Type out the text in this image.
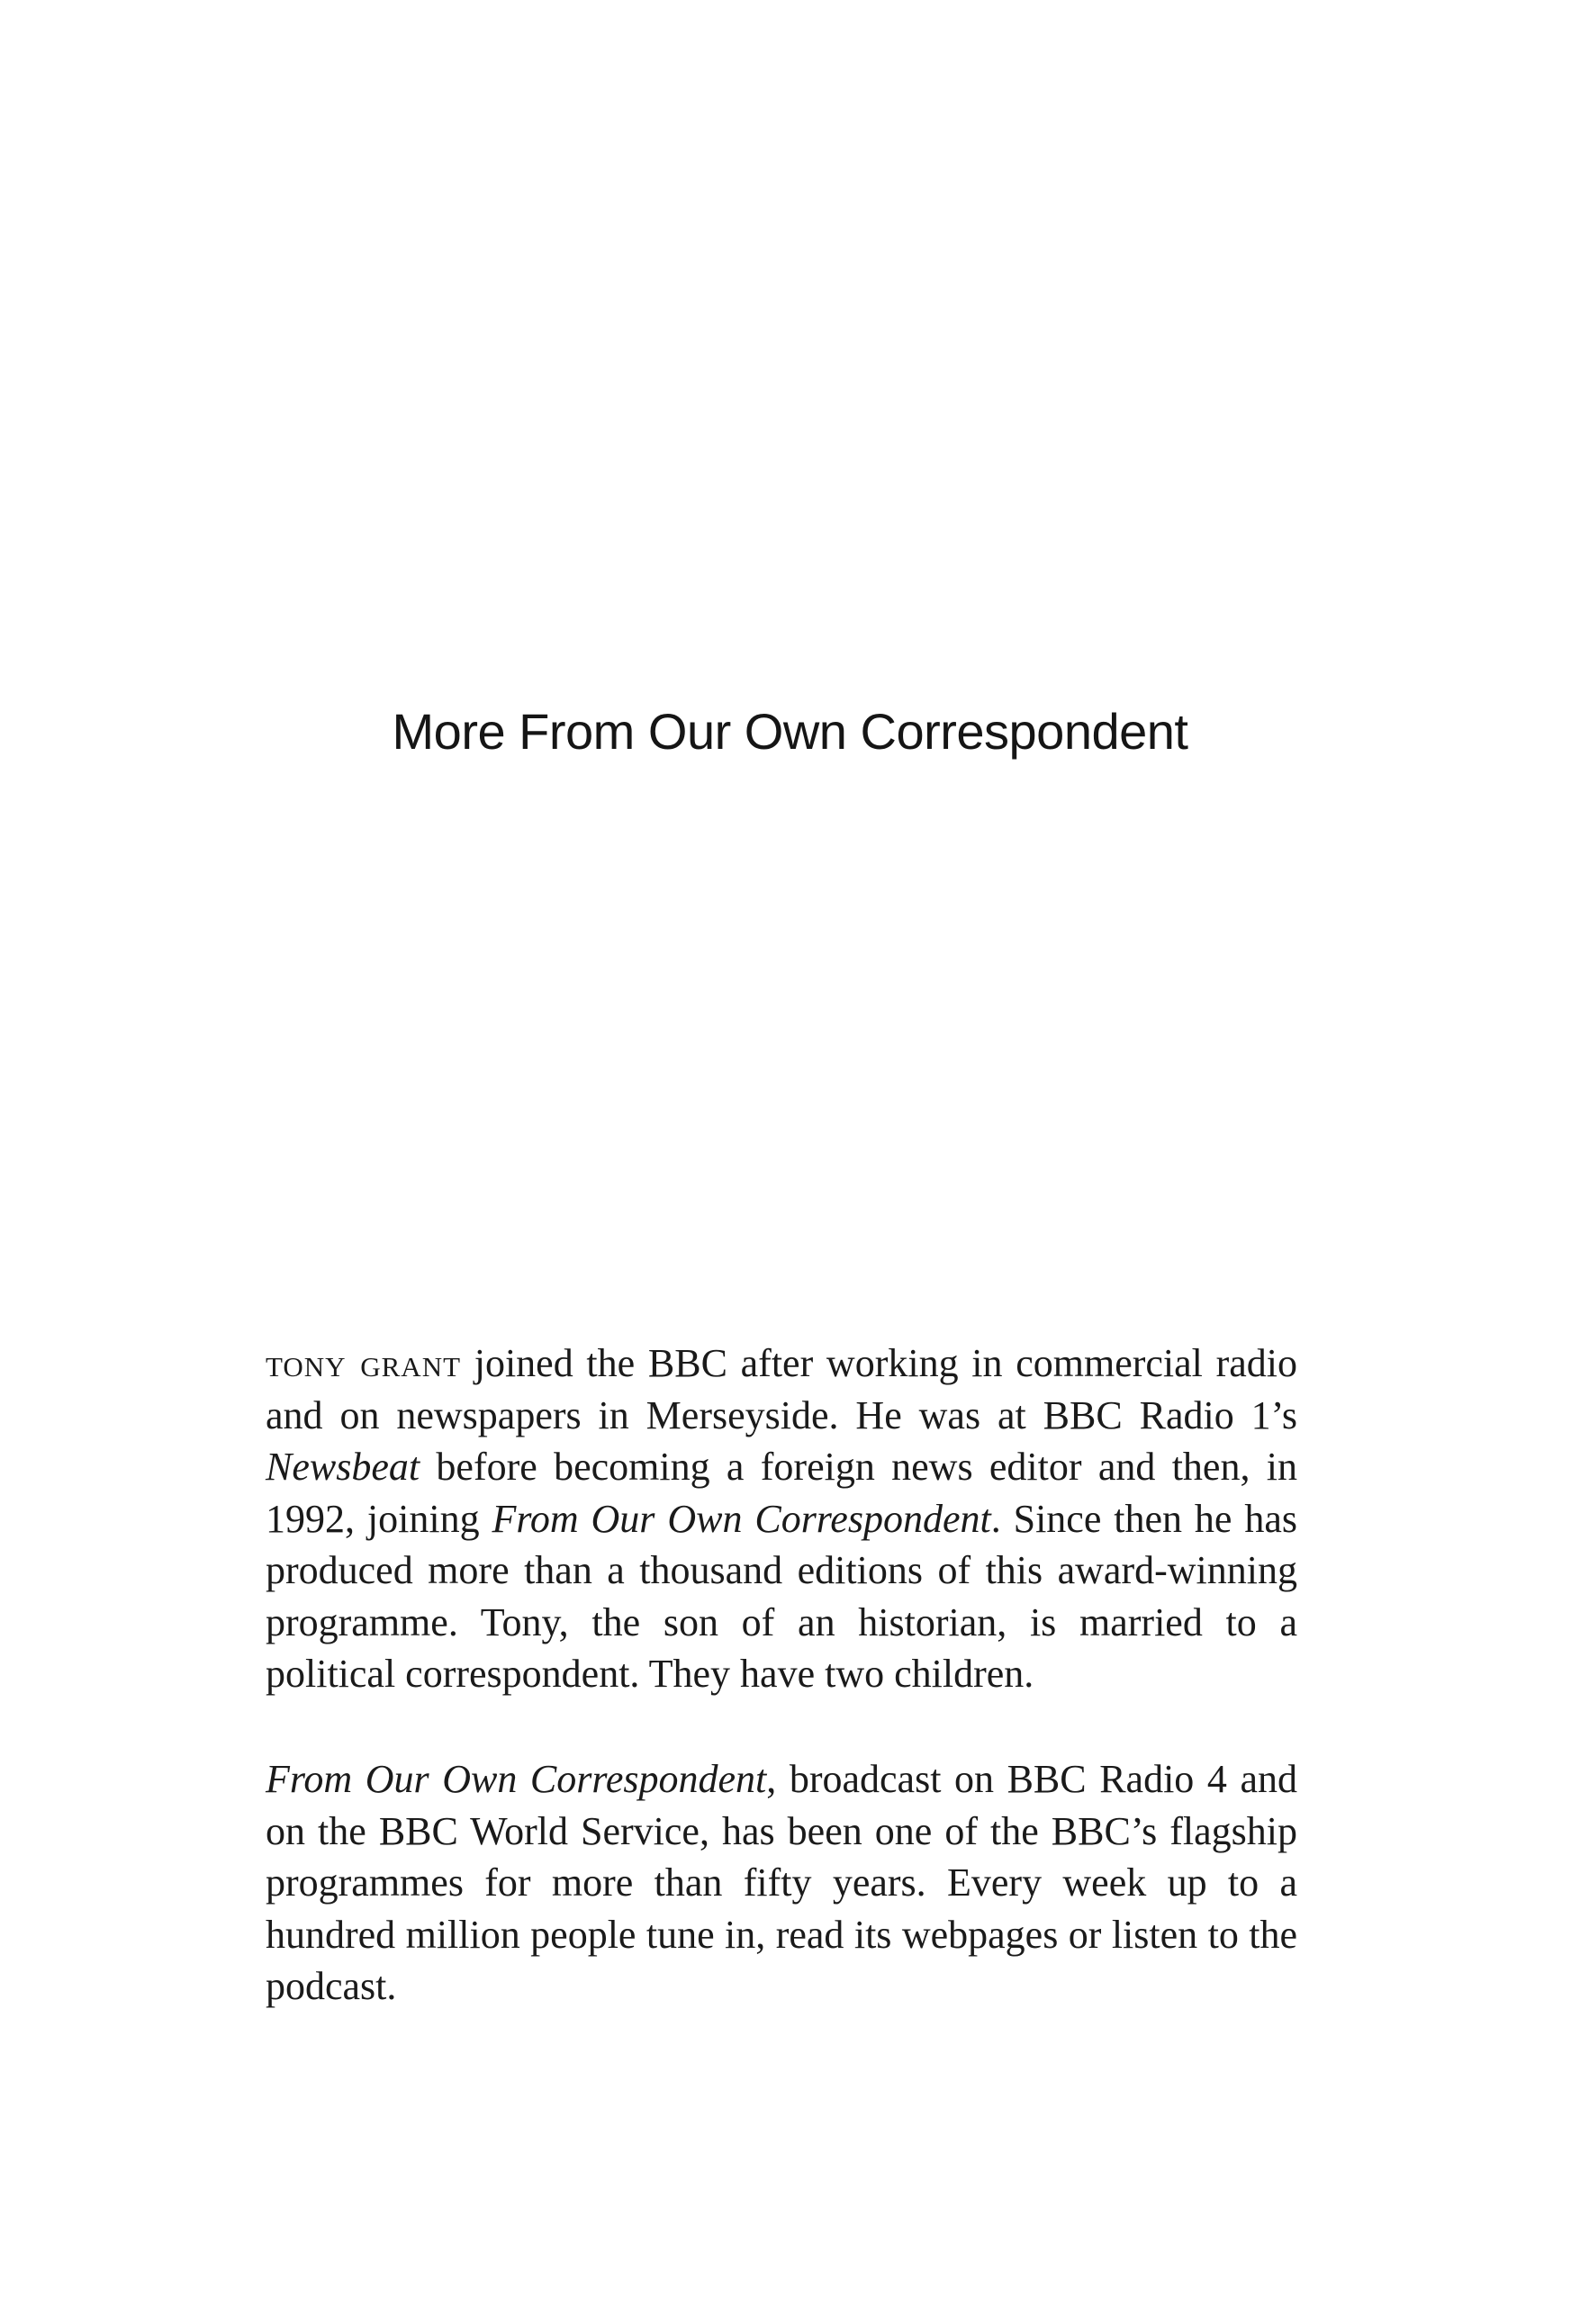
More From Our Own Correspondent

tony grant joined the BBC after working in commercial radio and on newspapers in Merseyside. He was at BBC Radio 1’s Newsbeat before becoming a foreign news editor and then, in 1992, joining From Our Own Correspondent. Since then he has produced more than a thousand editions of this award-winning programme. Tony, the son of an historian, is married to a political correspondent. They have two children.

From Our Own Correspondent, broadcast on BBC Radio 4 and on the BBC World Service, has been one of the BBC’s flagship programmes for more than fifty years. Every week up to a hundred million people tune in, read its webpages or listen to the podcast.
